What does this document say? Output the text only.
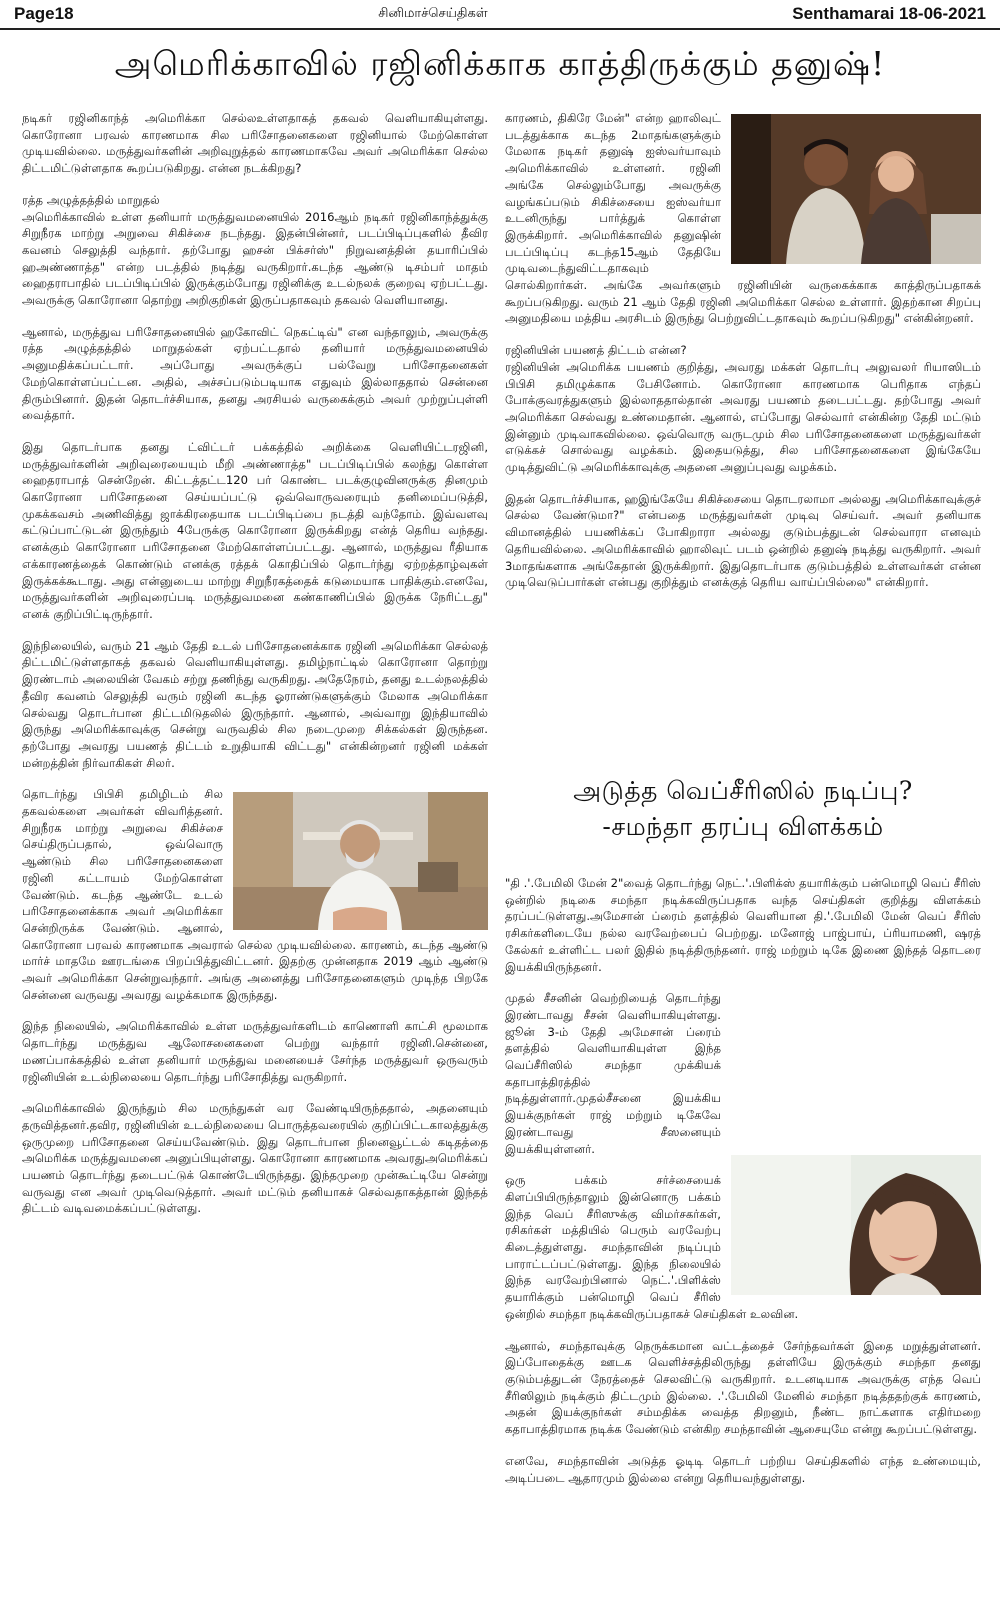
Page18	சினிமாச்செய்திகள்	Senthamarai 18-06-2021
அமெரிக்காவில் ரஜினிக்காக காத்திருக்கும் தனுஷ்!

நடிகர் ரஜினிகாந்த் அமெரிக்கா செல்லஉள்ளதாகத் தகவல் வெளியாகியுள்ளது. கொரோனா பரவல் காரணமாக சில பரிசோதனைகளை ரஜினியால் மேற்கொள்ள முடியவில்லை. மருத்துவர்களின் அறிவுறுத்தல் காரணமாகவே அவர் அமெரிக்கா செல்ல திட்டமிட்டுள்ளதாக கூறப்படுகிறது. என்ன நடக்கிறது?

ரத்த அழுத்தத்தில் மாறுதல்

அமெரிக்காவில் உள்ள தனியார் மருத்துவமனையில் 2016ஆம் நடிகர் ரஜினிகாந்த்துக்கு சிறுநீரக மாற்று அறுவை சிகிச்சை நடந்தது. இதன்பின்னர், படப்பிடிப்புகளில் தீவிர கவனம் செலுத்தி வந்தார். தற்போது ஹசன் பிக்சர்ஸ்" நிறுவனத்தின் தயாரிப்பில் ஹஅண்ணாத்த" என்ற படத்தில் நடித்து வருகிறார்.கடந்த ஆண்டு டிசம்பர் மாதம் ஹைதராபாதில் படப்பிடிப்பில் இருக்கும்போது ரஜினிக்கு உடல்நலக் குறைவு ஏற்பட்டது. அவருக்கு கொரோனா தொற்று அறிகுறிகள் இருப்பதாகவும் தகவல் வெளியானது.

ஆனால், மருத்துவ பரிசோதனையில் ஹகோவிட் நெகட்டிவ்" என வந்தாலும், அவருக்கு ரத்த அழுத்தத்தில் மாறுதல்கள் ஏற்பட்டதால் தனியார் மருத்துவமனையில் அனுமதிக்கப்பட்டார். அப்போது அவருக்குப் பல்வேறு பரிசோதனைகள் மேற்கொள்ளப்பட்டன. அதில், அச்சப்படும்படியாக எதுவும் இல்லாததால் சென்னை திரும்பினார். இதன் தொடர்ச்சியாக, தனது அரசியல் வருகைக்கும் அவர் முற்றுப்புள்ளி வைத்தார்.

இது தொடர்பாக தனது ட்விட்டர் பக்கத்தில் அறிக்கை வெளியிட்டரஜினி, மருத்துவர்களின் அறிவுரையையும் மீறி அண்ணாத்த" படப்பிடிப்பில் கலந்து கொள்ள ஹைதராபாத் சென்றேன். கிட்டத்தட்ட120 பர் கொண்ட படக்குழுவினருக்கு தினமும் கொரோனா பரிசோதனை செய்யப்பட்டு ஒவ்வொருவரையும் தனிமைப்படுத்தி, முகக்கவசம் அணிவித்து ஜாக்கிரதையாக படப்பிடிப்பை நடத்தி வந்தோம். இவ்வளவு கட்டுப்பாட்டுடன் இருந்தும் 4பேருக்கு கொரோனா இருக்கிறது என்த் தெரிய வந்தது. எனக்கும் கொரோனா பரிசோதனை மேற்கொள்ளப்பட்டது. ஆனால், மருத்துவ ரீதியாக எக்காரணத்தைக் கொண்டும் எனக்கு ரத்தக் கொதிப்பில் தொடர்ந்து ஏற்றத்தாழ்வுகள் இருக்கக்கூடாது. அது என்னுடைய மாற்று சிறுநீரகத்தைக் கடுமையாக பாதிக்கும்.எனவே, மருத்துவர்களின் அறிவுரைப்படி மருத்துவமனை கண்காணிப்பில் இருக்க நேரிட்டது" எனக் குறிப்பிட்டிருந்தார்.

இந்நிலையில், வரும் 21 ஆம் தேதி உடல் பரிசோதனைக்காக ரஜினி அமெரிக்கா செல்லத் திட்டமிட்டுள்ளதாகத் தகவல் வெளியாகியுள்ளது. தமிழ்நாட்டில் கொரோனா தொற்று இரண்டாம் அலையின் வேகம் சற்று தணிந்து வருகிறது. அதேநேரம், தனது உடல்நலத்தில் தீவிர கவனம் செலுத்தி வரும் ரஜினி கடந்த ஓராண்டுகளுக்கும் மேலாக அமெரிக்கா செல்வது தொடர்பான திட்டமிடுதலில் இருந்தார். ஆனால், அவ்வாறு இந்தியாவில் இருந்து அமெரிக்காவுக்கு சென்று வருவதில் சில நடைமுறை சிக்கல்கள் இருந்தன. தற்போது அவரது பயணத் திட்டம் உறுதியாகி விட்டது" என்கின்றனர் ரஜினி மக்கள் மன்றத்தின் நிர்வாகிகள் சிலர்.

தொடர்ந்து பிபிசி தமிழிடம் சில தகவல்களை அவர்கள் விவரித்தனர். சிறுநீரக மாற்று அறுவை சிகிச்சை செய்திருப்பதால், ஒவ்வொரு ஆண்டும் சில பரிசோதனைகளை ரஜினி கட்டாயம் மேற்கொள்ள வேண்டும். கடந்த ஆண்டே உடல் பரிசோதனைக்காக அவர் அமெரிக்கா சென்றிருக்க வேண்டும். ஆனால், கொரோனா பரவல் காரணமாக அவரால் செல்ல முடியவில்லை. காரணம், கடந்த ஆண்டு மார்ச் மாதமே ஊரடங்கை பிறப்பித்துவிட்டனர். இதற்கு முன்னதாக 2019 ஆம் ஆண்டு அவர் அமெரிக்கா சென்றுவந்தார். அங்கு அனைத்து பரிசோதனைகளும் முடிந்த பிறகே சென்னை வருவது அவரது வழக்கமாக இருந்தது.

இந்த நிலையில், அமெரிக்காவில் உள்ள மருத்துவர்களிடம் காணொளி காட்சி மூலமாக தொடர்ந்து மருத்துவ ஆலோசனைகளை பெற்று வந்தார் ரஜினி.சென்னை, மணப்பாக்கத்தில் உள்ள தனியார் மருத்துவ மனையைச் சேர்ந்த மருத்துவர் ஒருவரும் ரஜினியின் உடல்நிலையை தொடர்ந்து பரிசோதித்து வருகிறார்.

அமெரிக்காவில் இருந்தும் சில மருந்துகள் வர வேண்டியிருந்ததால், அதனையும் தருவித்தனர்.தவிர, ரஜினியின் உடல்நிலையை பொருத்தவரையில் குறிப்பிட்டகாலத்துக்கு ஒருமுறை பரிசோதனை செய்யவேண்டும். இது தொடர்பான நினைவூட்டல் கடிதத்தை அமெரிக்க மருத்துவமனை அனுப்பியுள்ளது. கொரோனா காரணமாக அவரதுஅமெரிக்கப் பயணம் தொடர்ந்து தடைபட்டுக் கொண்டேயிருந்தது. இந்தமுறை முன்கூட்டியே சென்று வருவது என அவர் முடிவெடுத்தார். அவர் மட்டும் தனியாகச் செல்வதாகத்தான் இந்தத் திட்டம் வடிவமைக்கப்பட்டுள்ளது.

காரணம், திகிரே மேன்" என்ற ஹாலிவுட் படத்துக்காக கடந்த 2மாதங்களுக்கும் மேலாக நடிகர் தனுஷ் ஐஸ்வர்யாவும் அமெரிக்காவில் உள்ளனர். ரஜினி அங்கே செல்லும்போது அவருக்கு வழங்கப்படும் சிகிச்சையை ஐஸ்வர்யா உடனிருந்து பார்த்துக் கொள்ள இருக்கிறார். அமெரிக்காவில் தனுஷின் படப்பிடிப்பு கடந்த15ஆம் தேதியே முடிவடைந்துவிட்டதாகவும் சொல்கிறார்கள். அங்கே அவர்களும் ரஜினியின் வருகைக்காக காத்திருப்பதாகக் கூறப்படுகிறது. வரும் 21 ஆம் தேதி ரஜினி அமெரிக்கா செல்ல உள்ளார். இதற்கான சிறப்பு அனுமதியை மத்திய அரசிடம் இருந்து பெற்றுவிட்டதாகவும் கூறப்படுகிறது" என்கின்றனர்.

ரஜினியின் பயணத் திட்டம் என்ன?

ரஜினியின் அமெரிக்க பயணம் குறித்து, அவரது மக்கள் தொடர்பு அலுவலர் ரியாஸிடம் பிபிசி தமிழுக்காக பேசினோம். கொரோனா காரணமாக பெரிதாக எந்தப் போக்குவரத்துகளும் இல்லாததால்தான் அவரது பயணம் தடைபட்டது. தற்போது அவர் அமெரிக்கா செல்வது உண்மைதான். ஆனால், எப்போது செல்வார் என்கின்ற தேதி மட்டும் இன்னும் முடிவாகவில்லை. ஒவ்வொரு வருடமும் சில பரிசோதனைகளை மருத்துவர்கள் எடுக்கச் சொல்வது வழக்கம். இதையடுத்து, சில பரிசோதனைகளை இங்கேயே முடித்துவிட்டு அமெரிக்காவுக்கு அதனை அனுப்புவது வழக்கம்.

இதன் தொடர்ச்சியாக, ஹஇங்கேயே சிகிச்சையை தொடரலாமா அல்லது அமெரிக்காவுக்குச் செல்ல வேண்டுமா?" என்பதை மருத்துவர்கள் முடிவு செய்வர். அவர் தனியாக விமானத்தில் பயணிக்கப் போகிறாரா அல்லது குடும்பத்துடன் செல்வாரா எனவும் தெரியவில்லை. அமெரிக்காவில் ஹாலிவுட் படம் ஒன்றில் தனுஷ் நடித்து வருகிறார். அவர் 3மாதங்களாக அங்கேதான் இருக்கிறார். இதுதொடர்பாக குடும்பத்தில் உள்ளவர்கள் என்ன முடிவெடுப்பார்கள் என்பது குறித்தும் எனக்குத் தெரிய வாய்ப்பில்லை" என்கிறார்.

அடுத்த வெப்சீரிஸில் நடிப்பு?
-சமந்தா தரப்பு விளக்கம்

"தி .'.பேமிலி மேன் 2"வைத் தொடர்ந்து நெட்.'.பிளிக்ஸ் தயாரிக்கும் பன்மொழி வெப் சீரிஸ் ஒன்றில் நடிகை சமந்தா நடிக்கவிருப்பதாக வந்த செய்திகள் குறித்து விளக்கம் தரப்பட்டுள்ளது.அமேசான் ப்ரைம் தளத்தில் வெளியான தி.'.பேமிலி மேன் வெப் சீரிஸ் ரசிகர்களிடையே நல்ல வரவேற்பைப் பெற்றது. மனோஜ் பாஜ்பாய், ப்ரியாமணி, ஷரத் கேல்கர் உள்ளிட்ட பலர் இதில் நடித்திருந்தனர். ராஜ் மற்றும் டிகே இணை இந்தத் தொடரை இயக்கியிருந்தனர்.

முதல் சீசனின் வெற்றியைத் தொடர்ந்து இரண்டாவது சீசன் வெளியாகியுள்ளது. ஜூன் 3-ம் தேதி அமேசான் ப்ரைம் தளத்தில் வெளியாகியுள்ள இந்த வெப்சீரிஸில் சமந்தா முக்கியக் கதாபாத்திரத்தில் நடித்துள்ளார்.முதல்சீசனை இயக்கிய இயக்குநர்கள் ராஜ் மற்றும் டிகேவே இரண்டாவது சீஸனையும் இயக்கியுள்ளனர்.

ஒரு பக்கம் சர்ச்சையைக் கிளப்பியிருந்தாலும் இன்னொரு பக்கம் இந்த வெப் சீரிஸுக்கு விமர்சகர்கள், ரசிகர்கள் மத்தியில் பெரும் வரவேற்பு கிடைத்துள்ளது. சமந்தாவின் நடிப்பும் பாராட்டப்பட்டுள்ளது. இந்த நிலையில் இந்த வரவேற்பினால் நெட்.'.பிளிக்ஸ் தயாரிக்கும் பன்மொழி வெப் சீரிஸ் ஒன்றில் சமந்தா நடிக்கவிருப்பதாகச் செய்திகள் உலவின.

ஆனால், சமந்தாவுக்கு நெருக்கமான வட்டத்தைச் சேர்ந்தவர்கள் இதை மறுத்துள்ளனர். இப்போதைக்கு ஊடக வெளிச்சத்திலிருந்து தள்ளியே இருக்கும் சமந்தா தனது குடும்பத்துடன் நேரத்தைச் செலவிட்டு வருகிறார். உடனடியாக அவருக்கு எந்த வெப் சீரிஸிலும் நடிக்கும் திட்டமும் இல்லை. .'.பேமிலி மேனில் சமந்தா நடித்ததற்குக் காரணம், அதன் இயக்குநர்கள் சம்மதிக்க வைத்த திறனும், நீண்ட நாட்களாக எதிர்மறை கதாபாத்திரமாக நடிக்க வேண்டும் என்கிற சமந்தாவின் ஆசையுமே என்று கூறப்பட்டுள்ளது.

எனவே, சமந்தாவின் அடுத்த ஓடிடி தொடர் பற்றிய செய்திகளில் எந்த உண்மையும், அடிப்படை ஆதாரமும் இல்லை என்று தெரியவந்துள்ளது.
